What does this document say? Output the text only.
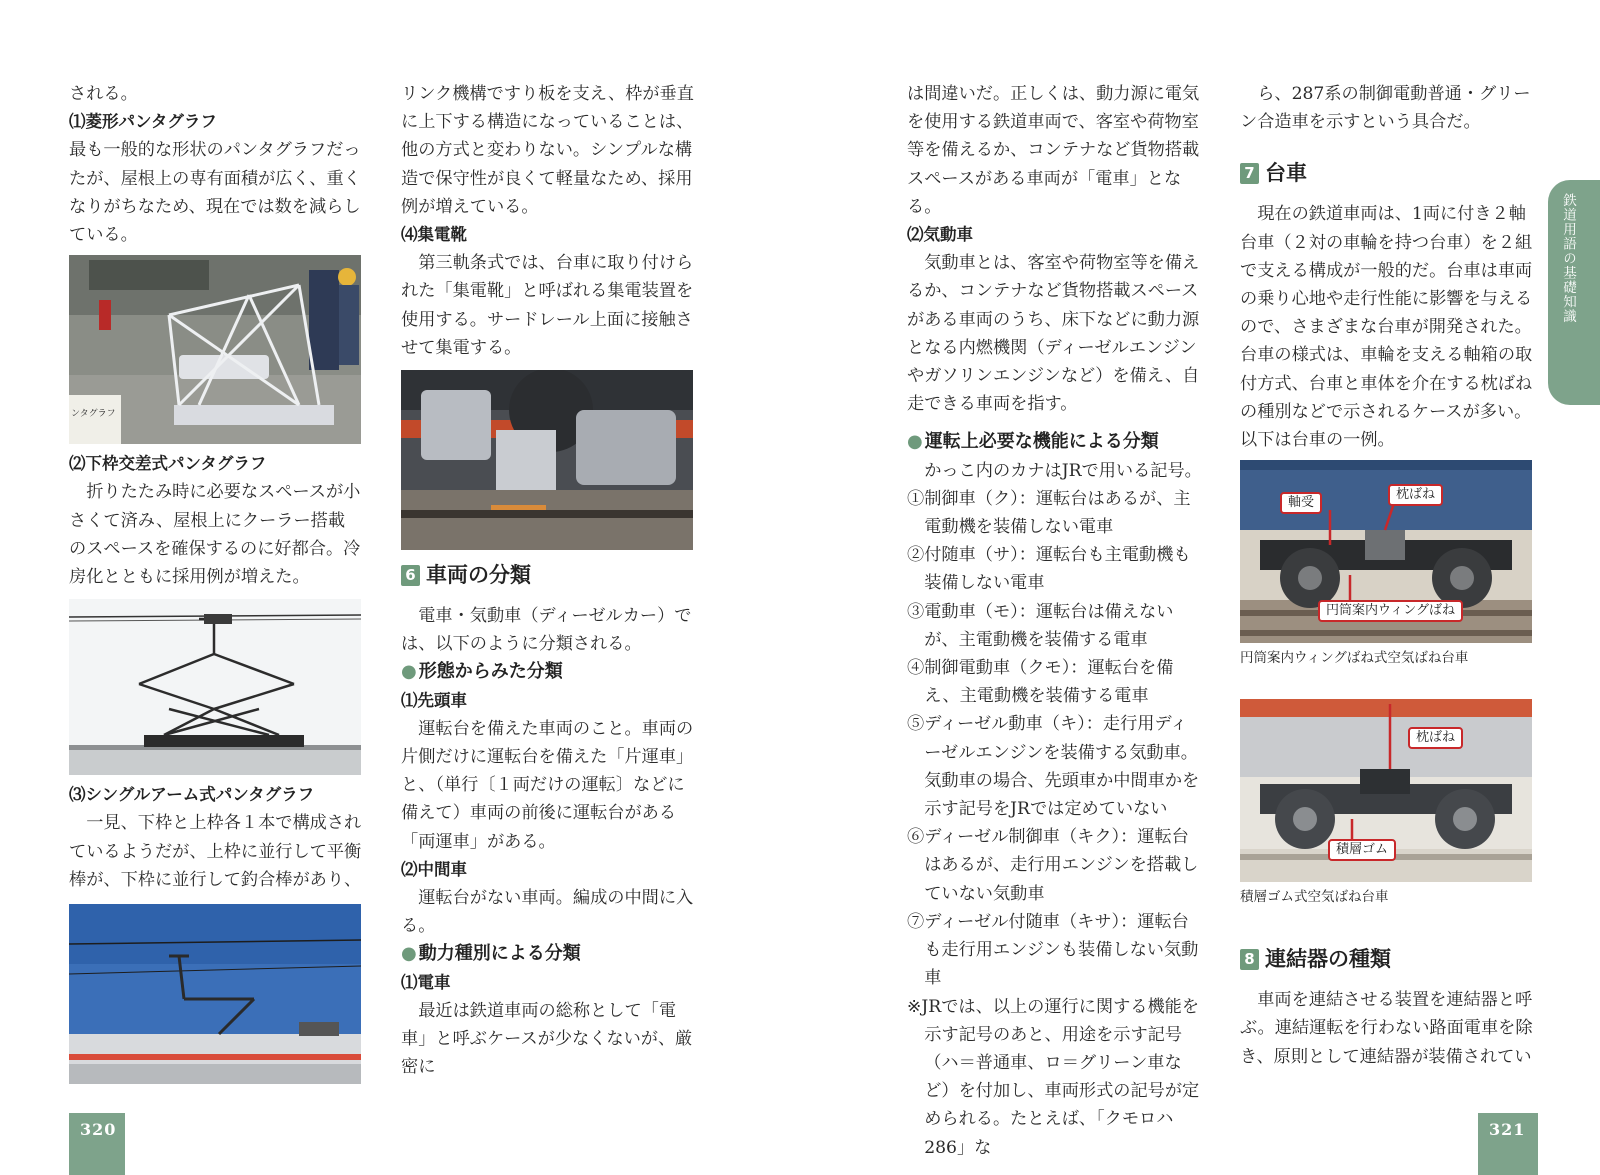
される。

⑴菱形パンタグラフ

最も一般的な形状のパンタグラフだったが、屋根上の専有面積が広く、重くなりがちなため、現在では数を減らしている。

ンタグラフ

⑵下枠交差式パンタグラフ

折りたたみ時に必要なスペースが小さくて済み、屋根上にクーラー搭載のスペースを確保するのに好都合。冷房化とともに採用例が増えた。

⑶シングルアーム式パンタグラフ

一見、下枠と上枠各１本で構成されているようだが、上枠に並行して平衡棒が、下枠に並行して釣合棒があり、

リンク機構ですり板を支え、枠が垂直に上下する構造になっていることは、他の方式と変わりない。シンプルな構造で保守性が良くて軽量なため、採用例が増えている。

⑷集電靴

第三軌条式では、台車に取り付けられた「集電靴」と呼ばれる集電装置を使用する。サードレール上面に接触させて集電する。

6 車両の分類

電車・気動車（ディーゼルカー）では、以下のように分類される。

● 形態からみた分類

⑴先頭車

運転台を備えた車両のこと。車両の片側だけに運転台を備えた「片運車」と、（単行〔１両だけの運転〕などに備えて）車両の前後に運転台がある「両運車」がある。

⑵中間車

運転台がない車両。編成の中間に入る。

● 動力種別による分類

⑴電車

最近は鉄道車両の総称として「電車」と呼ぶケースが少なくないが、厳密に

320
鉄道用語の基礎知識

は間違いだ。正しくは、動力源に電気を使用する鉄道車両で、客室や荷物室等を備えるか、コンテナなど貨物搭載スペースがある車両が「電車」となる。

⑵気動車

気動車とは、客室や荷物室等を備えるか、コンテナなど貨物搭載スペースがある車両のうち、床下などに動力源となる内燃機関（ディーゼルエンジンやガソリンエンジンなど）を備え、自走できる車両を指す。

● 運転上必要な機能による分類

かっこ内のカナはJRで用いる記号。

①制御車（ク）：運転台はあるが、主電動機を装備しない電車

②付随車（サ）：運転台も主電動機も装備しない電車

③電動車（モ）：運転台は備えないが、主電動機を装備する電車

④制御電動車（クモ）：運転台を備え、主電動機を装備する電車

⑤ディーゼル動車（キ）：走行用ディーゼルエンジンを装備する気動車。気動車の場合、先頭車か中間車かを示す記号をJRでは定めていない

⑥ディーゼル制御車（キク）：運転台はあるが、走行用エンジンを搭載していない気動車

⑦ディーゼル付随車（キサ）：運転台も走行用エンジンも装備しない気動車

※JRでは、以上の運行に関する機能を示す記号のあと、用途を示す記号（ハ＝普通車、ロ＝グリーン車など）を付加し、車両形式の記号が定められる。たとえば、「クモロハ286」な

ら、287系の制御電動普通・グリーン合造車を示すという具合だ。

7 台車

現在の鉄道車両は、1両に付き２軸台車（２対の車輪を持つ台車）を２組で支える構成が一般的だ。台車は車両の乗り心地や走行性能に影響を与えるので、さまざまな台車が開発された。台車の様式は、車輪を支える軸箱の取付方式、台車と車体を介在する枕ばねの種別などで示されるケースが多い。以下は台車の一例。

軸受
枕ばね
円筒案内ウィングばね

円筒案内ウィングばね式空気ばね台車

枕ばね
積層ゴム

積層ゴム式空気ばね台車

8 連結器の種類

車両を連結させる装置を連結器と呼ぶ。連結運転を行わない路面電車を除き、原則として連結器が装備されてい

321
